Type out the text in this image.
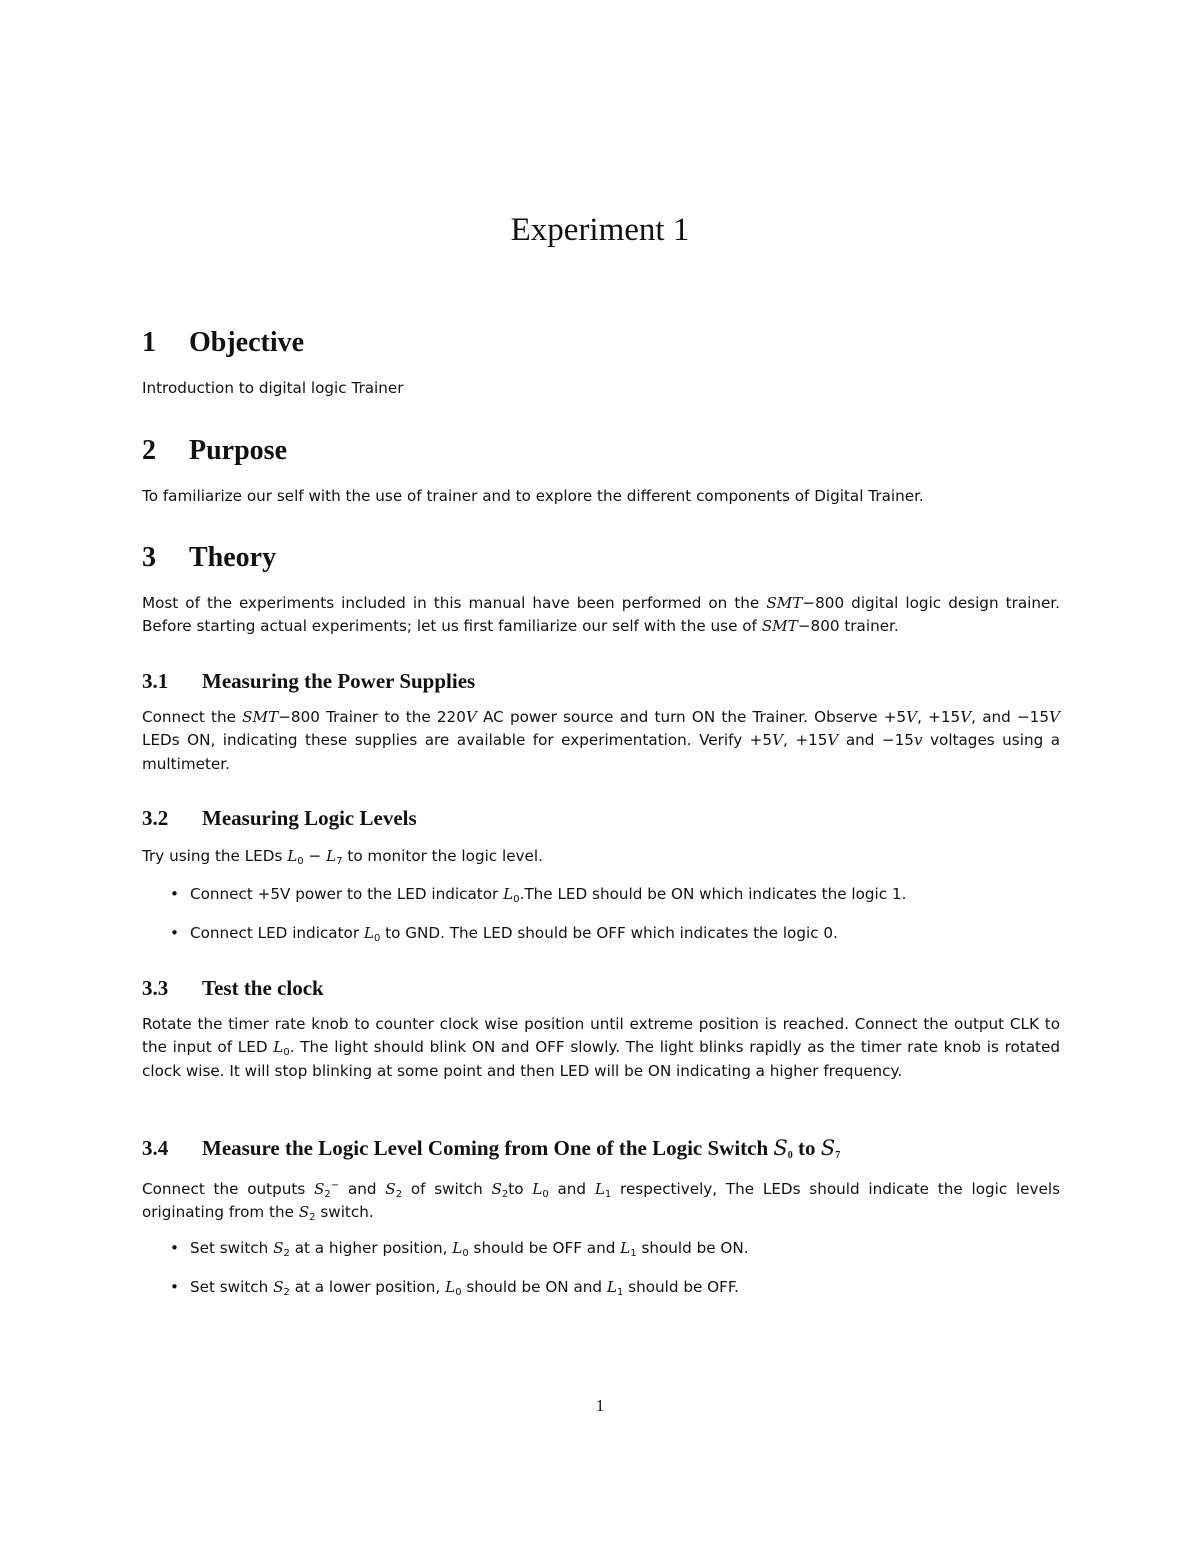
Experiment 1
1	Objective

Introduction to digital logic Trainer

2	Purpose

To familiarize our self with the use of trainer and to explore the different components of Digital Trainer.

3	Theory

Most of the experiments included in this manual have been performed on the SMT−800 digital logic design trainer. Before starting actual experiments; let us first familiarize our self with the use of SMT−800 trainer.

3.1	Measuring the Power Supplies

Connect the SMT−800 Trainer to the 220V AC power source and turn ON the Trainer. Observe +5V, +15V, and −15V LEDs ON, indicating these supplies are available for experimentation. Verify +5V, +15V and −15v voltages using a multimeter.

3.2	Measuring Logic Levels

Try using the LEDs $L_0 - L_7$ to monitor the logic level.

• Connect +5V power to the LED indicator $L_0.The$ LED should be ON which indicates the logic 1.
• Connect LED indicator $L_0$ to GND. The LED should be OFF which indicates the logic 0.
3.3	Test the clock

Rotate the timer rate knob to counter clock wise position until extreme position is reached. Connect the output CLK to the input of LED $L_0$. The light should blink ON and OFF slowly. The light blinks rapidly as the timer rate knob is rotated clock wise. It will stop blinking at some point and then LED will be ON indicating a higher frequency.

3.4	Measure the Logic Level Coming from One of the Logic Switch $S_0$ to $S_7$

Connect the outputs $S_2^-$ and $S_2$ of switch $S_2to$ $L_0$ and $L_1$ respectively, The LEDs should indicate the logic levels originating from the $S_2$ switch.

• Set switch $S_2$ at a higher position, $L_0$ should be OFF and $L_1$ should be ON.
• Set switch $S_2$ at a lower position, $L_0$ should be ON and $L_1$ should be OFF.
1
